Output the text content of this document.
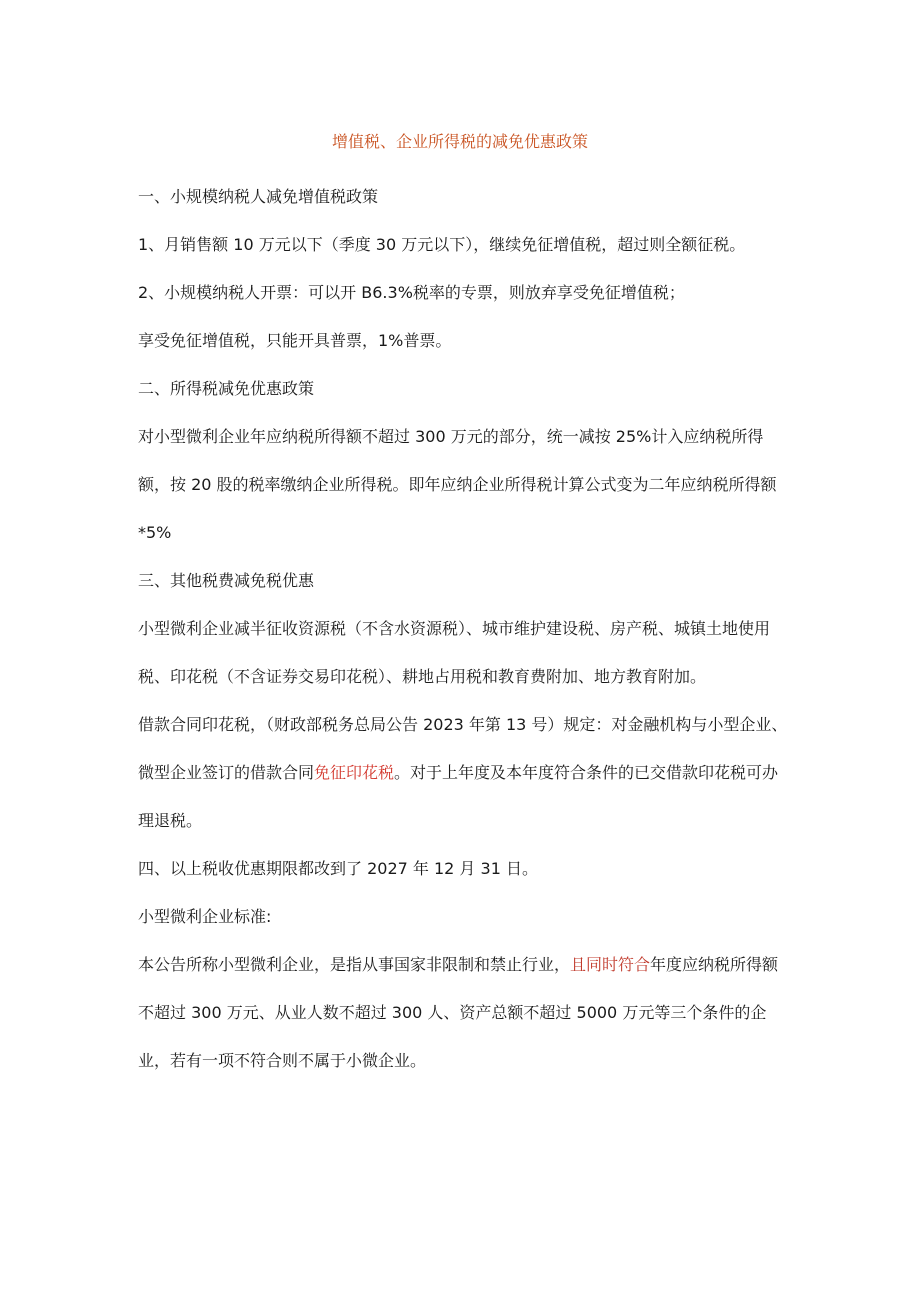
增值税、企业所得税的减免优惠政策

一、小规模纳税人减免增值税政策

1、月销售额 10 万元以下（季度 30 万元以下），继续免征增值税，超过则全额征税。

2、小规模纳税人开票：可以开 B6.3%税率的专票，则放弃享受免征增值税；

享受免征增值税，只能开具普票，1%普票。

二、所得税减免优惠政策

对小型微利企业年应纳税所得额不超过 300 万元的部分，统一减按 25%计入应纳税所得额，按 20 股的税率缴纳企业所得税。即年应纳企业所得税计算公式变为二年应纳税所得额*5%

三、其他税费减免税优惠

小型微利企业减半征收资源税（不含水资源税）、城市维护建设税、房产税、城镇土地使用税、印花税（不含证券交易印花税）、耕地占用税和教育费附加、地方教育附加。

借款合同印花税，（财政部税务总局公告 2023 年第 13 号）规定：对金融机构与小型企业、微型企业签订的借款合同免征印花税。对于上年度及本年度符合条件的已交借款印花税可办理退税。

四、以上税收优惠期限都改到了 2027 年 12 月 31 日。

小型微利企业标准:

本公告所称小型微利企业，是指从事国家非限制和禁止行业，且同时符合年度应纳税所得额不超过 300 万元、从业人数不超过 300 人、资产总额不超过 5000 万元等三个条件的企业，若有一项不符合则不属于小微企业。
